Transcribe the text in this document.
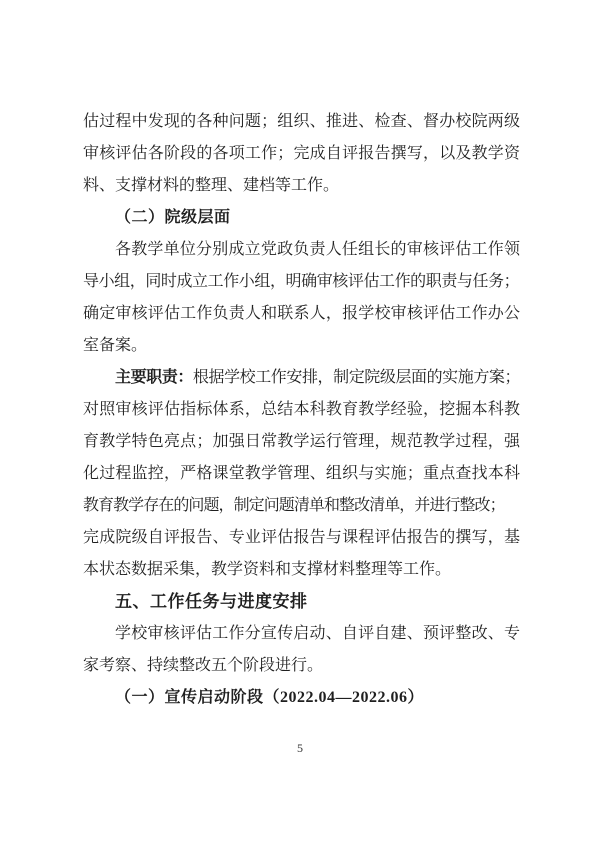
估过程中发现的各种问题；组织、推进、检查、督办校院两级
审核评估各阶段的各项工作；完成自评报告撰写，以及教学资
料、支撑材料的整理、建档等工作。
（二）院级层面
各教学单位分别成立党政负责人任组长的审核评估工作领
导小组，同时成立工作小组，明确审核评估工作的职责与任务；
确定审核评估工作负责人和联系人，报学校审核评估工作办公
室备案。
主要职责：根据学校工作安排，制定院级层面的实施方案；
对照审核评估指标体系，总结本科教育教学经验，挖掘本科教
育教学特色亮点；加强日常教学运行管理，规范教学过程，强
化过程监控，严格课堂教学管理、组织与实施；重点查找本科
教育教学存在的问题，制定问题清单和整改清单，并进行整改；
完成院级自评报告、专业评估报告与课程评估报告的撰写，基
本状态数据采集，教学资料和支撑材料整理等工作。
五、工作任务与进度安排
学校审核评估工作分宣传启动、自评自建、预评整改、专
家考察、持续整改五个阶段进行。
（一）宣传启动阶段（2022.04—2022.06）
5
